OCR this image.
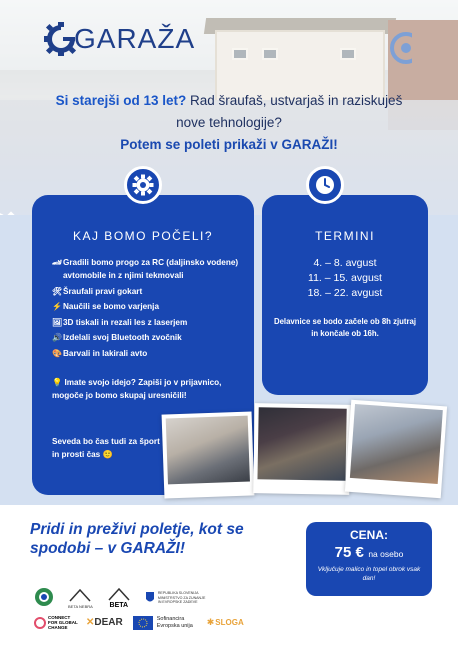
GARAŽA
Si starejši od 13 let? Rad šraufaš, ustvarjaš in raziskuješ nove tehnologije?
Potem se poleti prikaži v GARAŽI!
KAJ BOMO POČELI?	TERMINI
🏎 Gradili bomo progo za RC (daljinsko vodene) avtomobile in z njimi tekmovali
🛠 Šraufali pravi gokart
⚡ Naučili se bomo varjenja
🖼 3D tiskali in rezali les z laserjem
🔊 Izdelali svoj Bluetooth zvočnik
🎨 Barvali in lakirali avto
💡 Imate svojo idejo? Zapiši jo v prijavnico, mogoče jo bomo skupaj uresničili!
Seveda bo čas tudi za šport in prosti čas 🙂
4. – 8. avgust
11. – 15. avgust
18. – 22. avgust
Delavnice se bodo začele ob 8h zjutraj in končale ob 16h.
Pridi in preživi poletje, kot se spodobi – v GARAŽI!
CENA:
75 € na osebo
Vključuje malico in topel obrok vsak dan!
BETA NEBRA BETA
REPUBLIKA SLOVENIJA MINISTRSTVO ZA ZUNANJE IN EVROPSKE ZADEVE
CONNECT FOR GLOBAL CHANGE	✕ DEAR	Sofinancira Evropska unija	✱ SLOGA
